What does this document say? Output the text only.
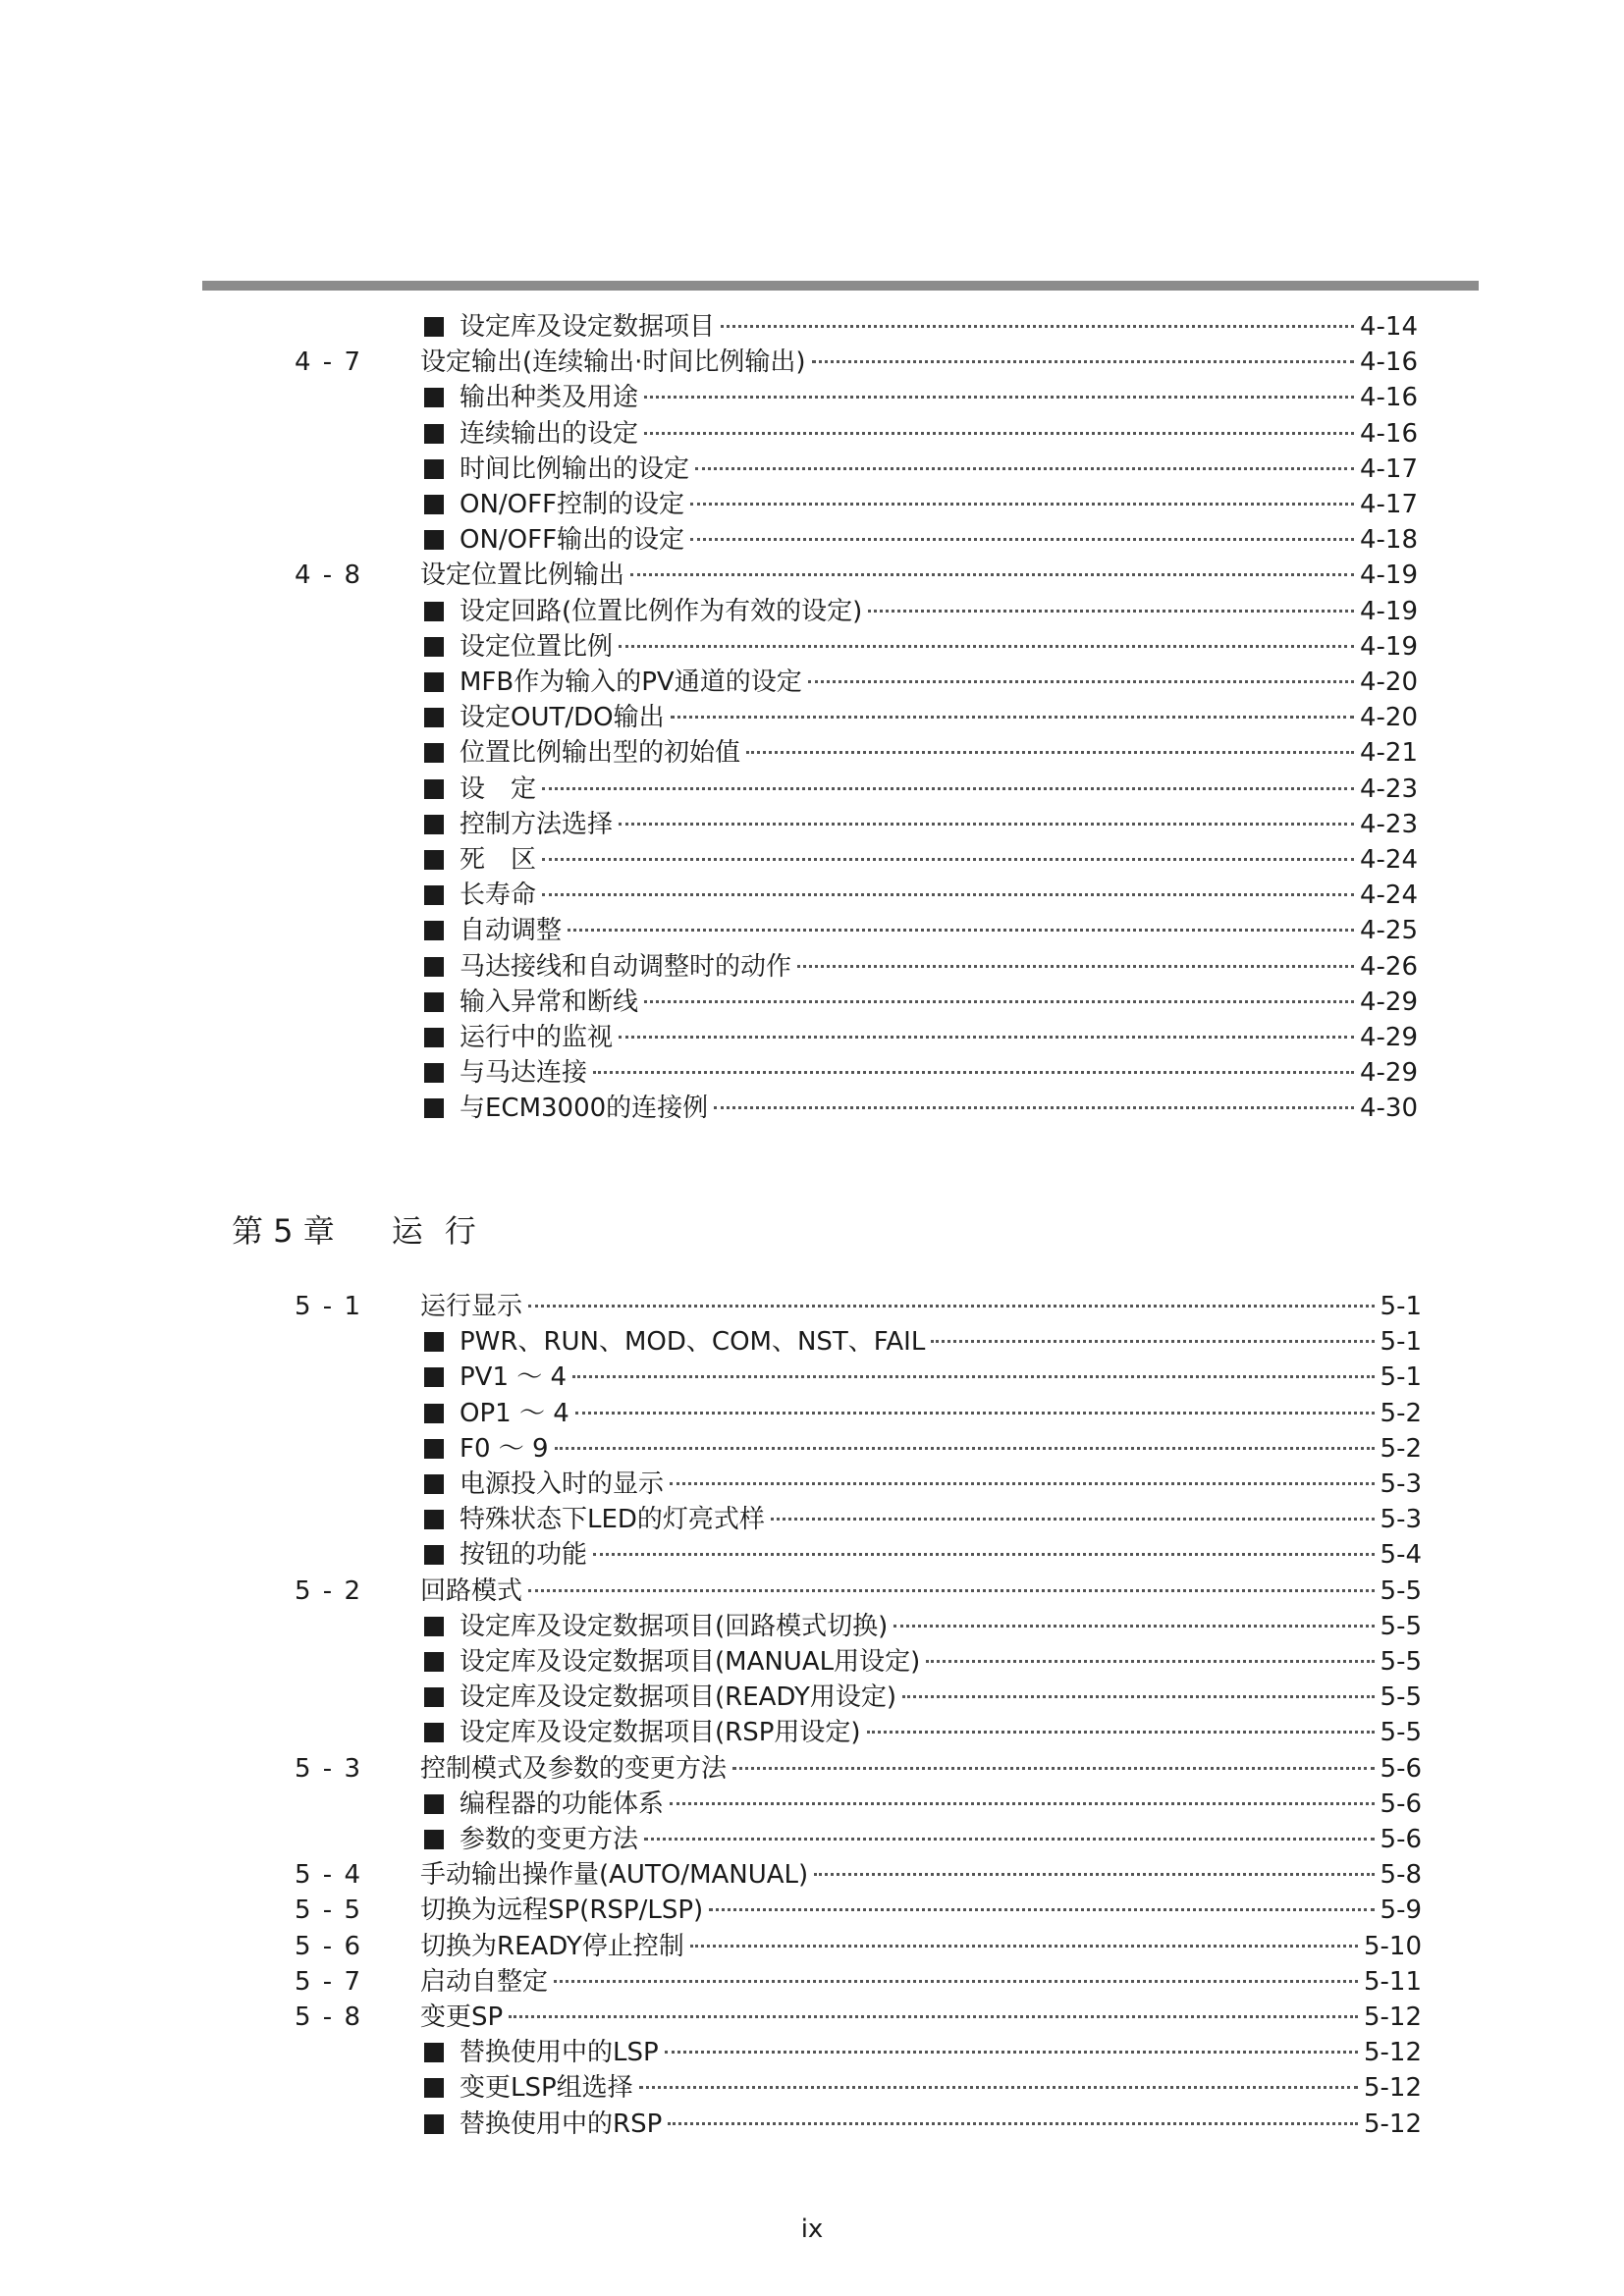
设定库及设定数据项目	4-14
4 - 7	设定输出(连续输出·时间比例输出)	4-16
输出种类及用途	4-16
连续输出的设定	4-16
时间比例输出的设定	4-17
ON/OFF控制的设定	4-17
ON/OFF输出的设定	4-18
4 - 8	设定位置比例输出	4-19
设定回路(位置比例作为有效的设定)	4-19
设定位置比例	4-19
MFB作为输入的PV通道的设定	4-20
设定OUT/DO输出	4-20
位置比例输出型的初始值	4-21
设　定	4-23
控制方法选择	4-23
死　区	4-24
长寿命	4-24
自动调整	4-25
马达接线和自动调整时的动作	4-26
输入异常和断线	4-29
运行中的监视	4-29
与马达连接	4-29
与ECM3000的连接例	4-30
5 - 1	运行显示	5-1
PWR、RUN、MOD、COM、NST、FAIL	5-1
PV1 ～ 4	5-1
OP1 ～ 4	5-2
F0 ～ 9	5-2
电源投入时的显示	5-3
特殊状态下LED的灯亮式样	5-3
按钮的功能	5-4
5 - 2	回路模式	5-5
设定库及设定数据项目(回路模式切换)	5-5
设定库及设定数据项目(MANUAL用设定)	5-5
设定库及设定数据项目(READY用设定)	5-5
设定库及设定数据项目(RSP用设定)	5-5
5 - 3	控制模式及参数的变更方法	5-6
编程器的功能体系	5-6
参数的变更方法	5-6
5 - 4	手动输出操作量(AUTO/MANUAL)	5-8
5 - 5	切换为远程SP(RSP/LSP)	5-9
5 - 6	切换为READY停止控制	5-10
5 - 7	启动自整定	5-11
5 - 8	变更SP	5-12
替换使用中的LSP	5-12
变更LSP组选择	5-12
替换使用中的RSP	5-12
第 5 章 运行
ix
